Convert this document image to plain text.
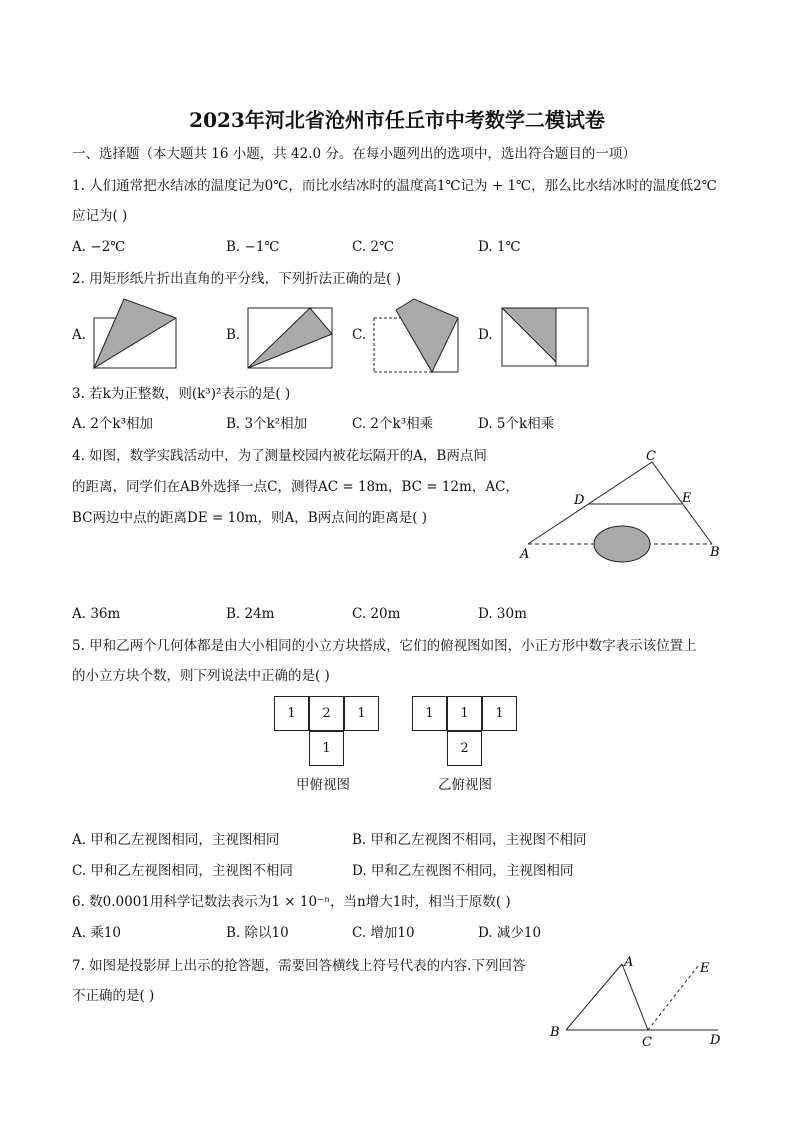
2023年河北省沧州市任丘市中考数学二模试卷
一、选择题（本大题共 16 小题，共 42.0 分。在每小题列出的选项中，选出符合题目的一项）
1. 人们通常把水结冰的温度记为0℃，而比水结冰时的温度高1℃记为 + 1℃，那么比水结冰时的温度低2℃
应记为( )
A. −2℃	B. −1℃	C. 2℃	D. 1℃
2. 用矩形纸片折出直角的平分线，下列折法正确的是( )
A.	B.	C.	D.
3. 若k为正整数，则(k³)²表示的是( )
A. 2个k³相加	B. 3个k²相加	C. 2个k³相乘	D. 5个k相乘
4. 如图，数学实践活动中，为了测量校园内被花坛隔开的A，B两点间
的距离，同学们在AB外选择一点C，测得AC = 18m，BC = 12m，AC，
BC两边中点的距离DE = 10m，则A，B两点间的距离是( )
C
D	E
A	B
A. 36m	B. 24m	C. 20m	D. 30m
5. 甲和乙两个几何体都是由大小相同的小立方块搭成，它们的俯视图如图，小正方形中数字表示该位置上
的小立方块个数，则下列说法中正确的是( )
1	2	1
1
甲俯视图
1	1	1
2
乙俯视图
A. 甲和乙左视图相同，主视图相同	B. 甲和乙左视图不相同，主视图不相同
C. 甲和乙左视图相同，主视图不相同	D. 甲和乙左视图不相同，主视图相同
6. 数0.0001用科学记数法表示为1 × 10⁻ⁿ，当n增大1时，相当于原数( )
A. 乘10	B. 除以10	C. 增加10	D. 减少10
7. 如图是投影屏上出示的抢答题，需要回答横线上符号代表的内容.下列回答
不正确的是( )
A	E
B
C	D
